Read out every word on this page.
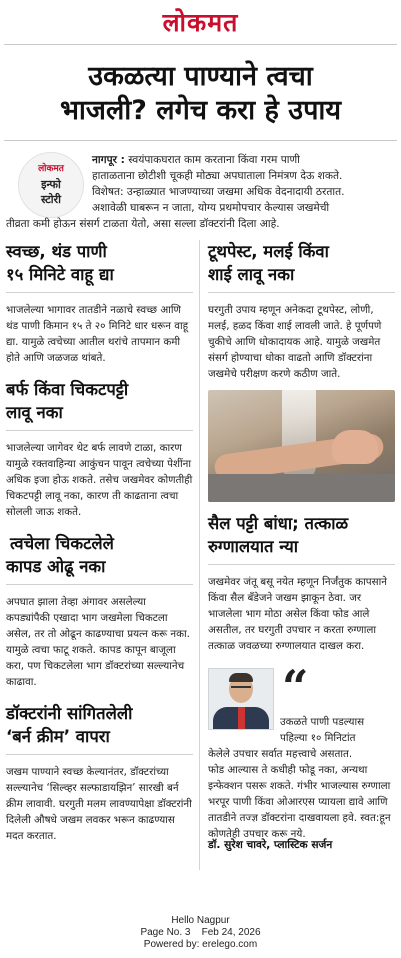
लोकमत
उकळत्या पाण्याने त्वचा
भाजली? लगेच करा हे उपाय
लोकमत
इन्फो
स्टोरी
नागपूर : स्वयंपाकघरात काम करताना किंवा गरम पाणी
हाताळताना छोटीशी चूकही मोठ्या अपघाताला निमंत्रण देऊ शकते.
विशेषत: उन्हाळ्यात भाजण्याच्या जखमा अधिक वेदनादायी ठरतात.
अशावेळी घाबरून न जाता, योग्य प्रथमोपचार केल्यास जखमेची
तीव्रता कमी होऊन संसर्ग टाळता येतो, असा सल्ला डॉक्टरांनी दिला आहे.
स्वच्छ, थंड पाणी
१५ मिनिटे वाहू द्या

भाजलेल्या भागावर तातडीने नळाचे स्वच्छ आणि थंड पाणी किमान १५ ते २० मिनिटे धार धरून वाहू द्या. यामुळे त्वचेच्या आतील थरांचे तापमान कमी होते आणि जळजळ थांबते.

बर्फ किंवा चिकटपट्टी
लावू नका

भाजलेल्या जागेवर थेट बर्फ लावणे टाळा, कारण यामुळे रक्तवाहिन्या आकुंचन पावून त्वचेच्या पेशींना अधिक इजा होऊ शकते. तसेच जखमेवर कोणतीही चिकटपट्टी लावू नका, कारण ती काढताना त्वचा सोलली जाऊ शकते.

त्वचेला चिकटलेले
कापड ओढू नका

अपघात झाला तेव्हा अंगावर असलेल्या कपड्यांपैकी एखादा भाग जखमेला चिकटला असेल, तर तो ओढून काढण्याचा प्रयत्न करू नका. यामुळे त्वचा फाटू शकते. कापड कापून बाजूला करा, पण चिकटलेला भाग डॉक्टरांच्या सल्ल्यानेच काढावा.

डॉक्टरांनी सांगितलेली
‘बर्न क्रीम’ वापरा

जखम पाण्याने स्वच्छ केल्यानंतर, डॉक्टरांच्या सल्ल्यानेच ‘सिल्व्हर सल्फाडायझिन’ सारखी बर्न क्रीम लावावी. घरगुती मलम लावण्यापेक्षा डॉक्टरांनी दिलेली औषधे जखम लवकर भरून काढण्यास मदत करतात.

टूथपेस्ट, मलई किंवा
शाई लावू नका

घरगुती उपाय म्हणून अनेकदा टूथपेस्ट, लोणी, मलई, हळद किंवा शाई लावली जाते. हे पूर्णपणे चुकीचे आणि धोकादायक आहे. यामुळे जखमेत संसर्ग होण्याचा धोका वाढतो आणि डॉक्टरांना जखमेचे परीक्षण करणे कठीण जाते.

सैल पट्टी बांधा; तत्काळ
रुग्णालयात न्या

जखमेवर जंतू बसू नयेत म्हणून निर्जंतुक कापसाने किंवा सैल बँडेजने जखम झाकून ठेवा. जर भाजलेला भाग मोठा असेल किंवा फोड आले असतील, तर घरगुती उपचार न करता रुग्णाला तत्काळ जवळच्या रुग्णालयात दाखल करा.

उकळते पाणी पडल्यास
पहिल्या १० मिनिटांत
केलेले उपचार सर्वात महत्त्वाचे असतात.
फोड आल्यास ते कधीही फोडू नका, अन्यथा इन्फेक्शन पसरू शकते. गंभीर भाजल्यास रुग्णाला भरपूर पाणी किंवा ओआरएस प्यायला द्यावे आणि तातडीने तज्ज्ञ डॉक्टरांना दाखवायला हवे. स्वत:हून कोणतेही उपचार करू नये.
“
डॉ. सुरेश चावरे, प्लास्टिक सर्जन
Hello Nagpur
Page No. 3    Feb 24, 2026
Powered by: erelego.com
